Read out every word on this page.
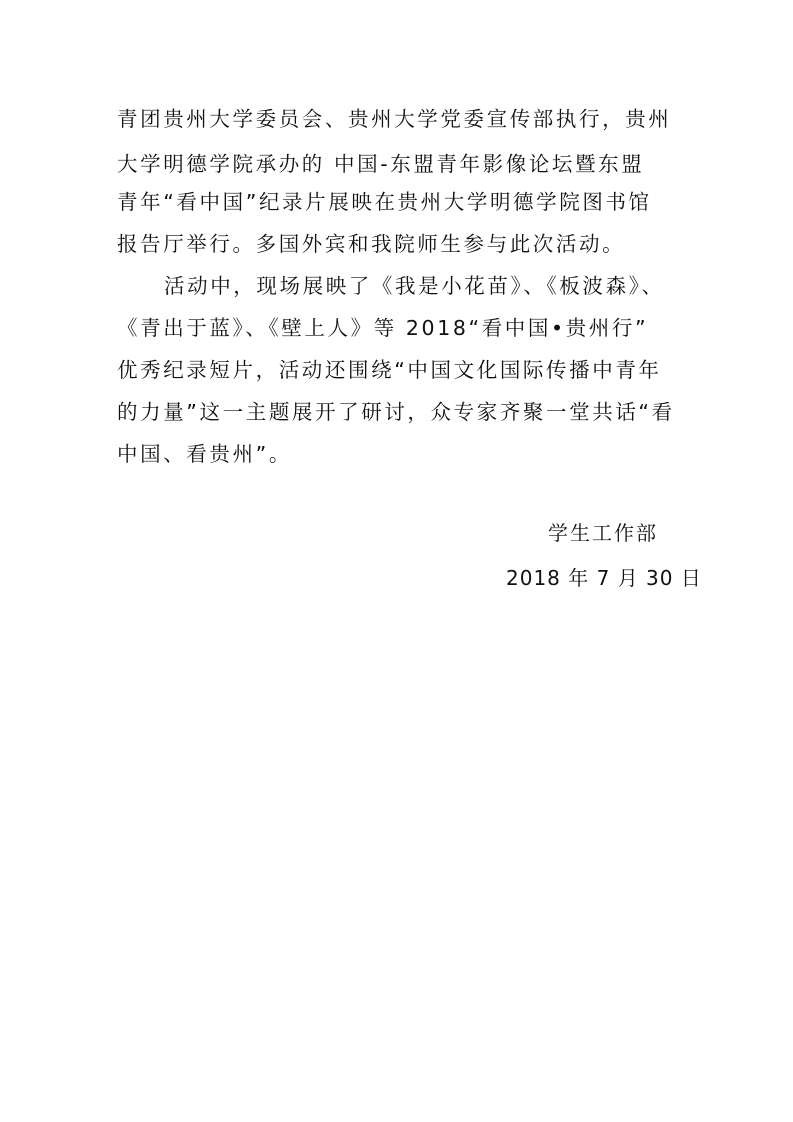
青团贵州大学委员会、贵州大学党委宣传部执行，贵州
大学明德学院承办的 中国-东盟青年影像论坛暨东盟
青年“看中国”纪录片展映在贵州大学明德学院图书馆
报告厅举行。多国外宾和我院师生参与此次活动。
活动中，现场展映了《我是小花苗》、《板波森》、
《青出于蓝》、《壁上人》等 2018“看中国•贵州行”
优秀纪录短片，活动还围绕“中国文化国际传播中青年
的力量”这一主题展开了研讨，众专家齐聚一堂共话“看
中国、看贵州”。
学生工作部
2018 年 7 月 30 日
